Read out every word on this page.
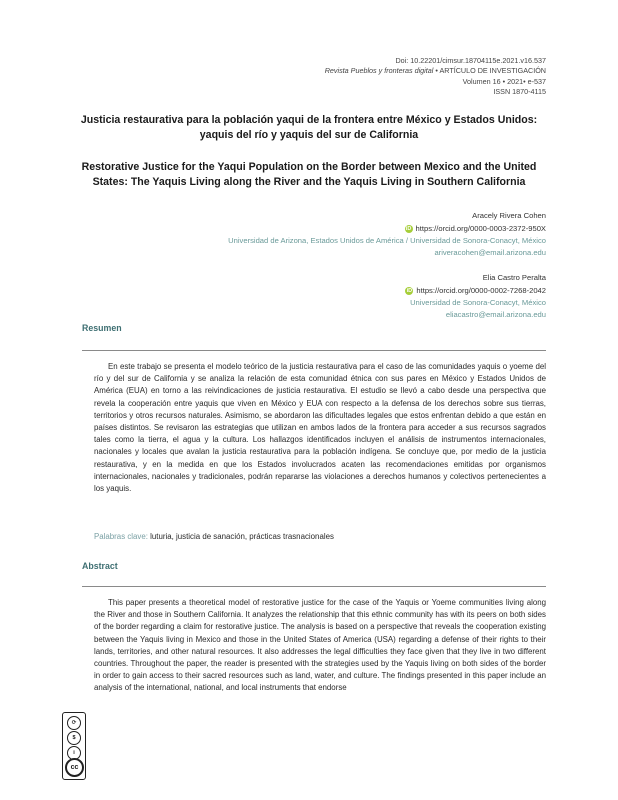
Doi: 10.22201/cimsur.18704115e.2021.v16.537
Revista Pueblos y fronteras digital • ARTÍCULO DE INVESTIGACIÓN
Volumen 16 • 2021• e-537
ISSN 1870-4115
Justicia restaurativa para la población yaqui de la frontera entre México y Estados Unidos:
yaquis del río y yaquis del sur de California
Restorative Justice for the Yaqui Population on the Border between Mexico and the United
States: The Yaquis Living along the River and the Yaquis Living in Southern California
Aracely Rivera Cohen
iD https://orcid.org/0000-0003-2372-950X
Universidad de Arizona, Estados Unidos de América / Universidad de Sonora-Conacyt, México
ariveracohen@email.arizona.edu
Elia Castro Peralta
iD https://orcid.org/0000-0002-7268-2042
Universidad de Sonora-Conacyt, México
eliacastro@email.arizona.edu
Resumen
En este trabajo se presenta el modelo teórico de la justicia restaurativa para el caso de las comunidades yaquis o yoeme del río y del sur de California y se analiza la relación de esta comunidad étnica con sus pares en México y Estados Unidos de América (EUA) en torno a las reivindicaciones de justicia restaurativa. El estudio se llevó a cabo desde una perspectiva que revela la cooperación entre yaquis que viven en México y EUA con respecto a la defensa de los derechos sobre sus tierras, territorios y otros recursos naturales. Asimismo, se abordaron las dificultades legales que estos enfrentan debido a que están en países distintos. Se revisaron las estrategias que utilizan en ambos lados de la frontera para acceder a sus recursos sagrados tales como la tierra, el agua y la cultura. Los hallazgos identificados incluyen el análisis de instrumentos internacionales, nacionales y locales que avalan la justicia restaurativa para la población indígena. Se concluye que, por medio de la justicia restaurativa, y en la medida en que los Estados involucrados acaten las recomendaciones emitidas por organismos internacionales, nacionales y tradicionales, podrán repararse las violaciones a derechos humanos y colectivos pertenecientes a los yaquis.
Palabras clave: luturia, justicia de sanación, prácticas trasnacionales
Abstract
This paper presents a theoretical model of restorative justice for the case of the Yaquis or Yoeme communities living along the River and those in Southern California. It analyzes the relationship that this ethnic community has with its peers on both sides of the border regarding a claim for restorative justice. The analysis is based on a perspective that reveals the cooperation existing between the Yaquis living in Mexico and those in the United States of America (USA) regarding a defense of their rights to their lands, territories, and other natural resources. It also addresses the legal difficulties they face given that they live in two different countries. Throughout the paper, the reader is presented with the strategies used by the Yaquis living on both sides of the border in order to gain access to their sacred resources such as land, water, and culture. The findings presented in this paper include an analysis of the international, national, and local instruments that endorse
⟳
$
i
cc
